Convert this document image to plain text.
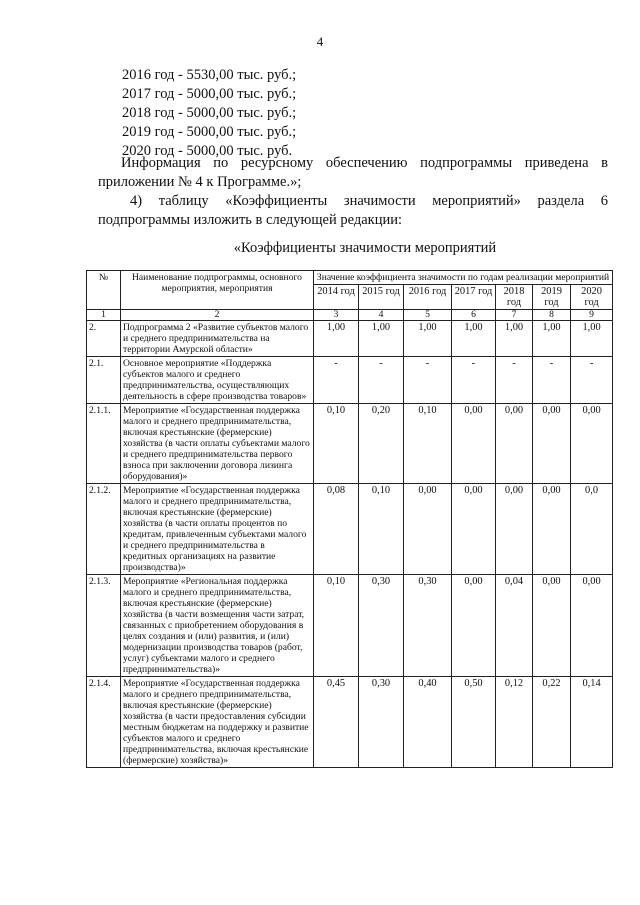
4
2016 год - 5530,00 тыс. руб.;
2017 год - 5000,00 тыс. руб.;
2018 год - 5000,00 тыс. руб.;
2019 год - 5000,00 тыс. руб.;
2020 год - 5000,00 тыс. руб.
Информация по ресурсному обеспечению подпрограммы приведена в приложении № 4 к Программе.»;
4) таблицу «Коэффициенты значимости мероприятий» раздела 6 подпрограммы изложить в следующей редакции:
«Коэффициенты значимости мероприятий
№	Наименование подпрограммы, основного мероприятия, мероприятия	Значение коэффициента значимости по годам реализации мероприятий						
		2014 год	2015 год	2016 год	2017 год	2018 год	2019 год	2020 год
1	2	3	4	5	6	7	8	9
2.	Подпрограмма 2 «Развитие субъектов малого и среднего предпринимательства на территории Амурской области»	1,00	1,00	1,00	1,00	1,00	1,00	1,00
2.1.	Основное мероприятие «Поддержка субъектов малого и среднего предпринимательства, осуществляющих деятельность в сфере производства товаров»	-	-	-	-	-	-	-
2.1.1.	Мероприятие «Государственная поддержка малого и среднего предпринимательства, включая крестьянские (фермерские) хозяйства (в части оплаты субъектами малого и среднего предпринимательства первого взноса при заключении договора лизинга оборудования)»	0,10	0,20	0,10	0,00	0,00	0,00	0,00
2.1.2.	Мероприятие «Государственная поддержка малого и среднего предпринимательства, включая крестьянские (фермерские) хозяйства (в части оплаты процентов по кредитам, привлеченным субъектами малого и среднего предпринимательства в кредитных организациях на развитие производства)»	0,08	0,10	0,00	0,00	0,00	0,00	0,0
2.1.3.	Мероприятие «Региональная поддержка малого и среднего предпринимательства, включая крестьянские (фермерские) хозяйства (в части возмещения части затрат, связанных с приобретением оборудования в целях создания и (или) развития, и (или) модернизации производства товаров (работ, услуг) субъектами малого и среднего предпринимательства)»	0,10	0,30	0,30	0,00	0,04	0,00	0,00
2.1.4.	Мероприятие «Государственная поддержка малого и среднего предпринимательства, включая крестьянские (фермерские) хозяйства (в части предоставления субсидии местным бюджетам на поддержку и развитие субъектов малого и среднего предпринимательства, включая крестьянские (фермерские) хозяйства)»	0,45	0,30	0,40	0,50	0,12	0,22	0,14
